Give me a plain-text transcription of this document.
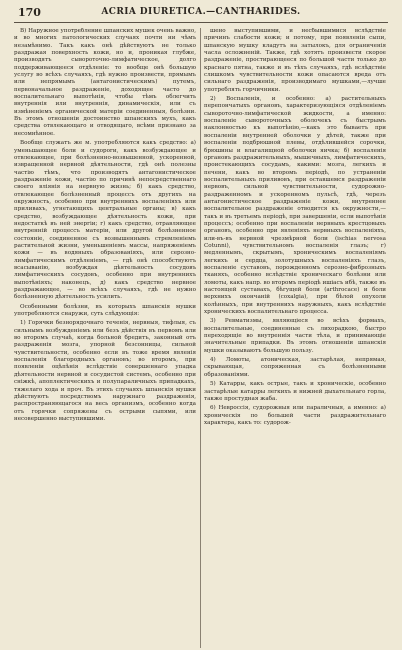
170	ACRIA DIURETICA.—CANTHARIDES.

В) Наружное употребление шпанских мушек очень важно, и во многих патологических случаях почти ни чѣмъ незамѣнимо. Такъ какъ онѣ дѣйствуютъ не только раздражая поверхность кожи, но и, проникая глубже, производятъ сывороточно-лимфатическое, долго поддерживающееся отдѣленіе: то вообще онѣ большую услугу во всѣхъ случаяхъ, гдѣ нужно произвести, прямымъ или непрямымъ (антагонистическимъ) путемъ, первоначальное раздраженіе, доходящее часто до воспалительнаго выпотѣнія, чтобы тѣмъ облегчить внутреннія или внутреннія, динамическія, или съ измѣненіемъ органической матеріи соединенныя, болѣзни. Въ этомъ отношеніи достоинство шпанскихъ мухъ, какъ средства отвлекающаго и отводящаго, всѣми признано за несомнѣнное.

Вообще служатъ же м. употребляются какъ средство: а) уменьшающее боли и судороги, какъ возбуждающее и отвлекающее, при болѣзненно-возвышенной, ускоренной, извращенной нервной дѣятельности, гдѣ онѣ полезны частію тѣмъ, что производятъ антагонистическое раздраженіе кожи, частію по причинѣ непосредственнаго своего вліянія на нервную жизнь; б) какъ средство, отвлекающее болѣзненный процессъ отъ другихъ на окружность, особенно при внутреннихъ воспаленіяхъ или приливахъ, угнетающихъ центральные органы; в) какъ средство, возбуждающее дѣятельность кожи, при недостаткѣ въ ней энергіи; г) какъ средство, отравляющее внутренній процессъ матеріи, или другой болѣзненное состояніе, соединенное съ возвышеннымъ стремленіемъ растительной жизни, уменьшеніемъ массы, напряженіемъ кожи — въ водяныхъ образованіяхъ, или серозно-лимфатическимъ отдѣленіемъ, — гдѣ онѣ способствуютъ всасыванію, возбуждая дѣятельность сосудовъ лимфатическихъ сосудовъ, особенно при внутреннихъ выпотѣніяхъ; наконецъ, д) какъ средство нервное раздражающее, — во всѣхъ случаяхъ, гдѣ не нужно болѣзненную дѣятельность усилить.

Особенными болѣзни, въ которыхъ шпанскія мушки употребляются снаружи, суть слѣдующія:

1) Горячки безнорядочнаго теченія, нервныя, тифлыя, съ сильнымъ возбужденіемъ или безъ дѣйствія въ первомъ или во второмъ случаѣ, когда больной бредитъ, законный отъ раздраженія мозга, упорной безсонницы, сильной чувствительности, особенно если въ тоже время явленія воспаленія благородныхъ органовъ; во второмъ, при появленіи оцѣпѣнія вслѣдствіе совершеннаго упадка дѣятельности нервной и сосудистой системъ, особенно при сніжкѣ, апоплектическихъ и полупараличныхъ припадкахъ, тяжелаго хода и проч. Въ этихъ случаяхъ шпанскія мушки дѣйствуютъ посредствомъ наружнаго раздраженія, распространяющагося на весь организмъ, особенно когда отъ горячки сопряжены съ острыми сыпями, или несовершенно выступившими.

шено выступившими, и несбывшимися вслѣдствіе причинъ слабости кожи; и потому, при появленіи сыпи, шпанскую мушку кладутъ на затылокъ, для ограниченія часла осложненій. Также, гдѣ хотятъ произвести скорое раздраженіе, простирающееся по большой части только до краснаго пятна, также и въ тѣхъ случаяхъ, гдѣ вслѣдствіе слишкомъ чувствительности кожи опасаются вреда отъ сильнаго раздраженія, производимаго мушками,—лучше употреблять горчичники.

2) Воспаленія, и особенно: а) растительныхъ перепончатыхъ органовъ, характеризующіяся отдѣленіемъ сывороточно-лимфатической жидкости, а именно: воспаленіе сывороточныхъ оболочекъ съ быстрымъ наклонностью къ выпотѣнію,—какъ это бываетъ при воспаленіи внутренней оболочки у дѣтей, также при воспаленіи подбрюшной плевы, отдѣлившейся сорочки, брюшины и влагалищной оболочки яичка; б) воспаленія органовъ раздражительныхъ, мышечныхъ, лимфатическихъ, проистекающихъ сосудамъ, какими: мозга, легкихъ и печени, какъ во второмъ періодѣ, по устраненіи воспалительныхъ приливовъ, при оставшемся раздраженіи нервовъ, сильной чувствительности, судорожно-раздраженномъ и ускоренномъ пульсѣ, гдѣ, черезъ антагонистическое раздраженіе кожи, внутреннее воспалительное раздраженіе отводится къ окружности,—такъ и въ третьемъ періодѣ, при завершеніи, если выпотѣнія процессъ; особенно при воспаленіи нервныхъ крестцовыхъ органовъ, особенно при явленіяхъ нервныхъ воспаленіяхъ, или-въ-въ нервной чрезмѣрной боли (ischias nervosa Cotunni), чувствительномъ воспаленія глазъ; г) медленнымъ, скрытымъ, хроническимъ воспаленіямъ легкихъ и сердца, золотушныхъ воспаленіяхъ глазъ, воспаленіе суставовъ, порожденномъ серозно-фиброзныхъ тканяхъ, особенно вслѣдствіе хроническаго болѣзни или ломоты, какъ напр. во второмъ періодѣ ишіасъ ибѣ, также въ настоящей суставахъ, бѣгущей боли (arthrocace) и боли верхнихъ окончаній (coxalgia), при бѣлой опухоли колѣнныхъ, при внутреннихъ наружныхъ, какъ вслѣдствіе хроническихъ воспалительнаго процесса.

3) Ревматизмы, являющіеся во всѣхъ формахъ, воспалительные, соединенные съ лихорадкою, быстро переходящіе во внутреннія части тѣла, и принимающіе значительные припадки. Въ этомъ отношеніи шпанскія мушки оказываютъ большую пользу.

4) Ломоты, атоническая, застарѣлая, непрямая, скрывающая, сопряженная съ болѣзненными образованіями.

5) Катарры, какъ острые, такъ и хроническіе, особенно застарѣлые катарры легкихъ и нижней дыхательнаго горла, также простудная жаба.

6) Невроссія, судорожныя или параличныя, а именно: а) хроническія по большей части раздражительнаго характера, какъ то: судорож-
